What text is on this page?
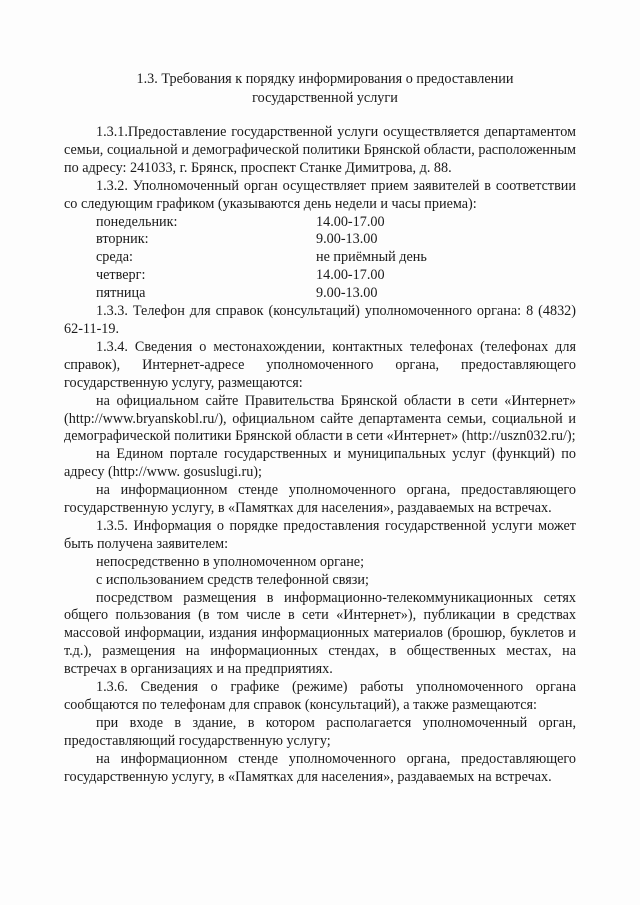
1.3. Требования к порядку информирования о предоставлении
государственной услуги

1.3.1.Предоставление государственной услуги осуществляется департаментом семьи, социальной и демографической политики Брянской области, расположенным по адресу: 241033, г. Брянск, проспект Станке Димитрова, д. 88.

1.3.2. Уполномоченный орган осуществляет прием заявителей в соответствии со следующим графиком (указываются день недели и часы приема):

понедельник:	14.00-17.00
вторник:	9.00-13.00
среда:	не приёмный день
четверг:	14.00-17.00
пятница	9.00-13.00

1.3.3. Телефон для справок (консультаций) уполномоченного органа: 8 (4832) 62-11-19.

1.3.4. Сведения о местонахождении, контактных телефонах (телефонах для справок), Интернет-адресе уполномоченного органа, предоставляющего государственную услугу, размещаются:

на официальном сайте Правительства Брянской области в сети «Интернет» (http://www.bryanskobl.ru/), официальном сайте департамента семьи, социальной и демографической политики Брянской области в сети «Интернет» (http://uszn032.ru/);

на Едином портале государственных и муниципальных услуг (функций) по адресу (http://www. gosuslugi.ru);

на информационном стенде уполномоченного органа, предоставляющего государственную услугу, в «Памятках для населения», раздаваемых на встречах.

1.3.5. Информация о порядке предоставления государственной услуги может быть получена заявителем:

непосредственно в уполномоченном органе;

с использованием средств телефонной связи;

посредством размещения в информационно-телекоммуникационных сетях общего пользования (в том числе в сети «Интернет»), публикации в средствах массовой информации, издания информационных материалов (брошюр, буклетов и т.д.), размещения на информационных стендах, в общественных местах, на встречах в организациях и на предприятиях.

1.3.6. Сведения о графике (режиме) работы уполномоченного органа сообщаются по телефонам для справок (консультаций), а также размещаются:

при входе в здание, в котором располагается уполномоченный орган, предоставляющий государственную услугу;

на информационном стенде уполномоченного органа, предоставляющего государственную услугу, в «Памятках для населения», раздаваемых на встречах.
